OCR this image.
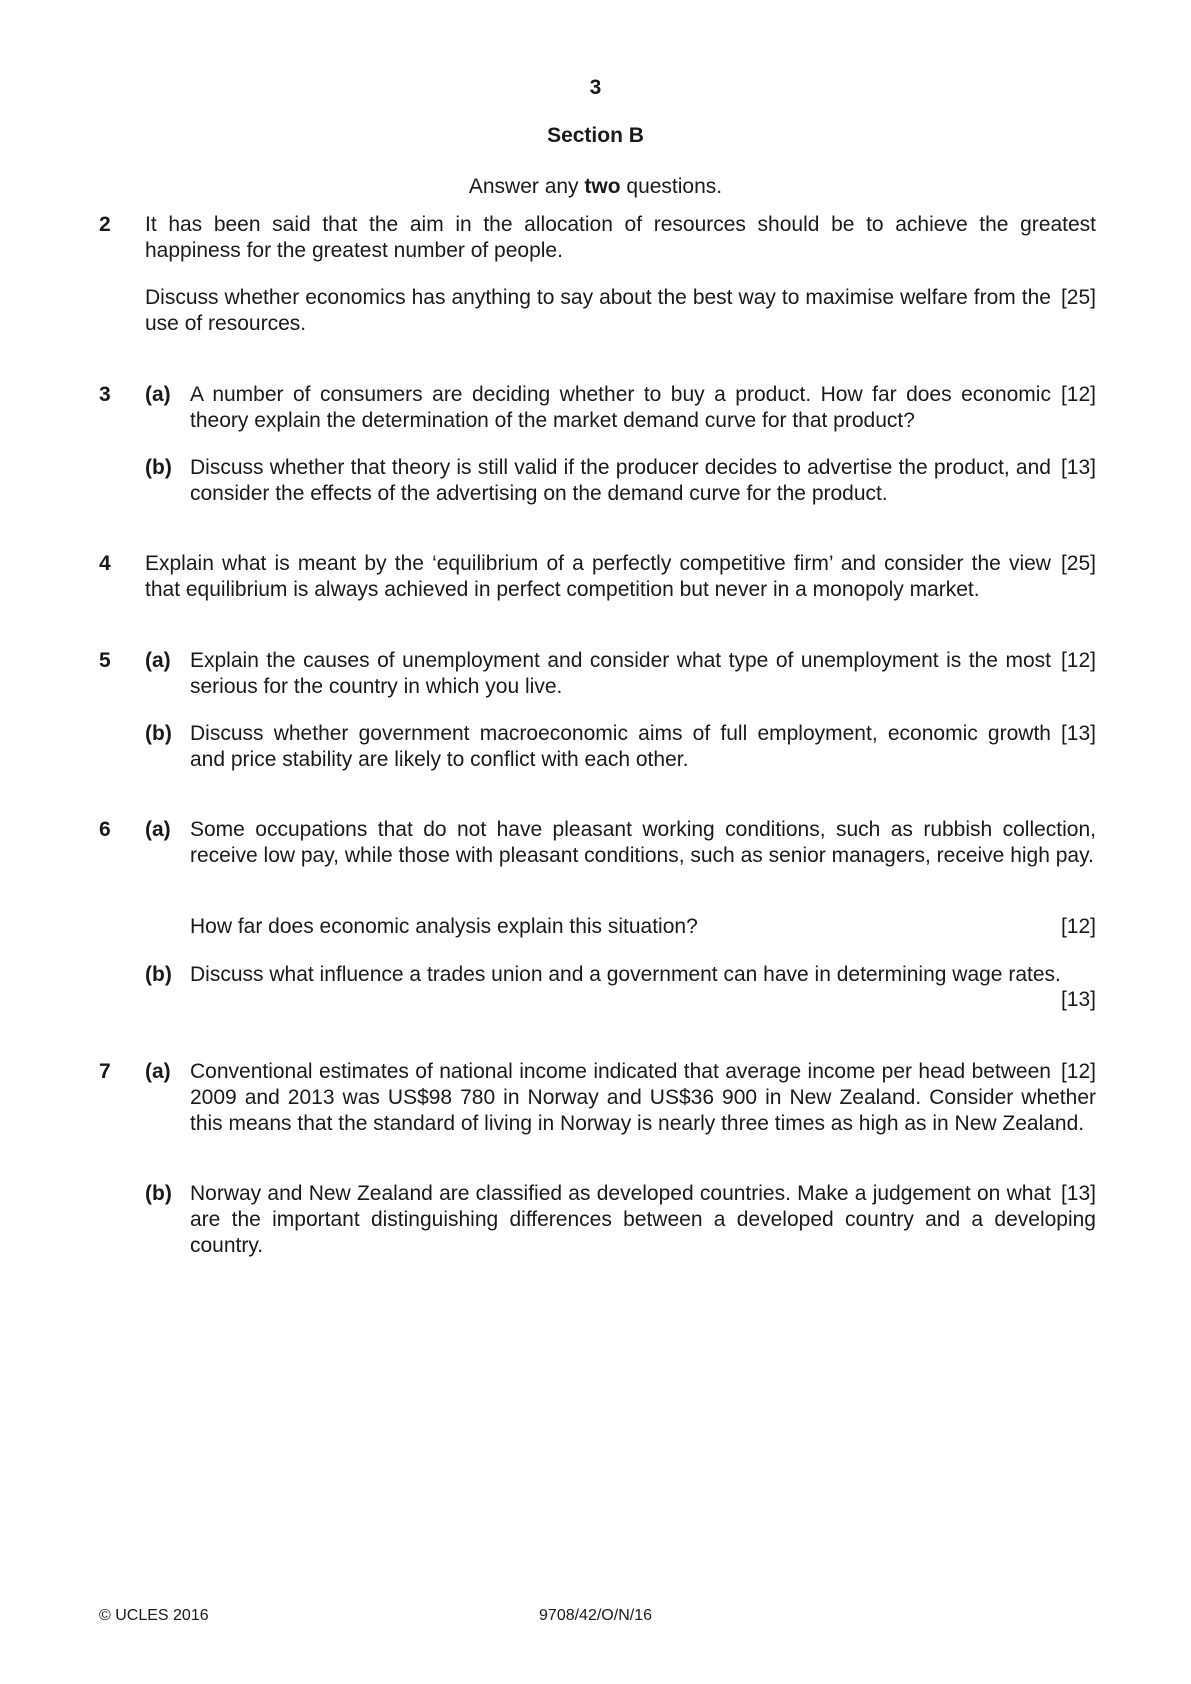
3
Section B
Answer any two questions.
2 It has been said that the aim in the allocation of resources should be to achieve the greatest happiness for the greatest number of people.
[25]
Discuss whether economics has anything to say about the best way to maximise welfare from the use of resources.
3 (a)	[12]
A number of consumers are deciding whether to buy a product. How far does economic theory explain the determination of the market demand curve for that product?
(b)	[13]
Discuss whether that theory is still valid if the producer decides to advertise the product, and consider the effects of the advertising on the demand curve for the product.
4	[25]
Explain what is meant by the ‘equilibrium of a perfectly competitive firm’ and consider the view that equilibrium is always achieved in perfect competition but never in a monopoly market.
5 (a)	[12]
Explain the causes of unemployment and consider what type of unemployment is the most serious for the country in which you live.
(b)	[13]
Discuss whether government macroeconomic aims of full employment, economic growth and price stability are likely to conflict with each other.
6 (a) Some occupations that do not have pleasant working conditions, such as rubbish collection, receive low pay, while those with pleasant conditions, such as senior managers, receive high pay.
[12]
How far does economic analysis explain this situation?
(b) Discuss what influence a trades union and a government can have in determining wage rates.
[13]
7 (a)	[12]
Conventional estimates of national income indicated that average income per head between 2009 and 2013 was US$98 780 in Norway and US$36 900 in New Zealand. Consider whether this means that the standard of living in Norway is nearly three times as high as in New Zealand.
(b)	[13]
Norway and New Zealand are classified as developed countries. Make a judgement on what are the important distinguishing differences between a developed country and a developing country.
9708/42/O/N/16
© UCLES 2016
